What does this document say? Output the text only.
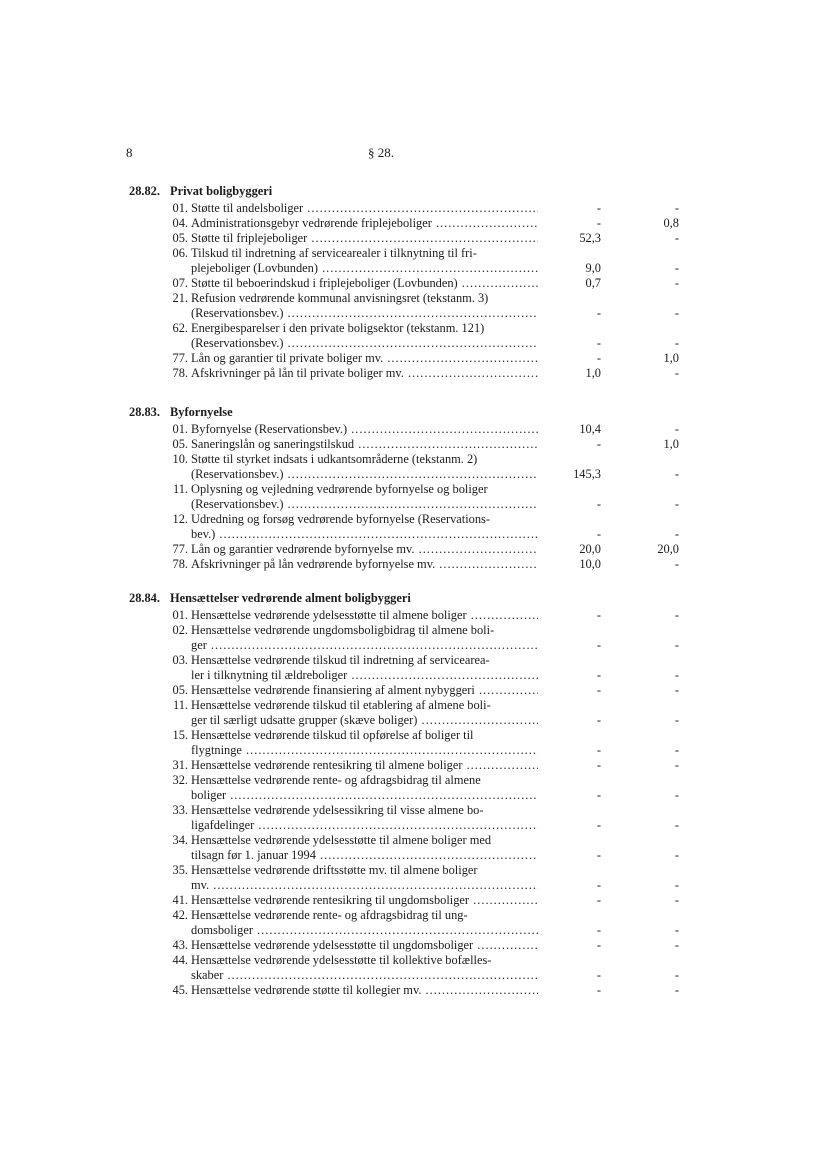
8	§ 28.
28.82. Privat boligbyggeri
01. Støtte til andelsboliger .....	-	-
04. Administrationsgebyr vedrørende friplejeboliger .....	-	0,8
05. Støtte til friplejeboliger .....	52,3	-
06. Tilskud til indretning af servicearealer i tilknytning til fri-
plejeboliger (Lovbunden) .....	9,0	-
07. Støtte til beboerindskud i friplejeboliger (Lovbunden) .....	0,7	-
21. Refusion vedrørende kommunal anvisningsret (tekstanm. 3)
(Reservationsbev.) .....	-	-
62. Energibesparelser i den private boligsektor (tekstanm. 121)
(Reservationsbev.) .....	-	-
77. Lån og garantier til private boliger mv. .....	-	1,0
78. Afskrivninger på lån til private boliger mv. .....	1,0	-
28.83. Byfornyelse
01. Byfornyelse (Reservationsbev.) .....	10,4	-
05. Saneringslån og saneringstilskud .....	-	1,0
10. Støtte til styrket indsats i udkantsområderne (tekstanm. 2)
(Reservationsbev.) .....	145,3	-
11. Oplysning og vejledning vedrørende byfornyelse og boliger
(Reservationsbev.) .....	-	-
12. Udredning og forsøg vedrørende byfornyelse (Reservations-
bev.) .....	-	-
77. Lån og garantier vedrørende byfornyelse mv. .....	20,0	20,0
78. Afskrivninger på lån vedrørende byfornyelse mv. .....	10,0	-
28.84. Hensættelser vedrørende alment boligbyggeri
01. Hensættelse vedrørende ydelsesstøtte til almene boliger .....	-	-
02. Hensættelse vedrørende ungdomsboligbidrag til almene boli-
ger .....	-	-
03. Hensættelse vedrørende tilskud til indretning af servicearea-
ler i tilknytning til ældreboliger .....	-	-
05. Hensættelse vedrørende finansiering af alment nybyggeri .....	-	-
11. Hensættelse vedrørende tilskud til etablering af almene boli-
ger til særligt udsatte grupper (skæve boliger) .....	-	-
15. Hensættelse vedrørende tilskud til opførelse af boliger til
flygtninge .....	-	-
31. Hensættelse vedrørende rentesikring til almene boliger .....	-	-
32. Hensættelse vedrørende rente- og afdragsbidrag til almene
boliger .....	-	-
33. Hensættelse vedrørende ydelsessikring til visse almene bo-
ligafdelinger .....	-	-
34. Hensættelse vedrørende ydelsesstøtte til almene boliger med
tilsagn før 1. januar 1994 .....	-	-
35. Hensættelse vedrørende driftsstøtte mv. til almene boliger
mv. .....	-	-
41. Hensættelse vedrørende rentesikring til ungdomsboliger .....	-	-
42. Hensættelse vedrørende rente- og afdragsbidrag til ung-
domsboliger .....	-	-
43. Hensættelse vedrørende ydelsesstøtte til ungdomsboliger .....	-	-
44. Hensættelse vedrørende ydelsesstøtte til kollektive bofælles-
skaber .....	-	-
45. Hensættelse vedrørende støtte til kollegier mv. .....	-	-
